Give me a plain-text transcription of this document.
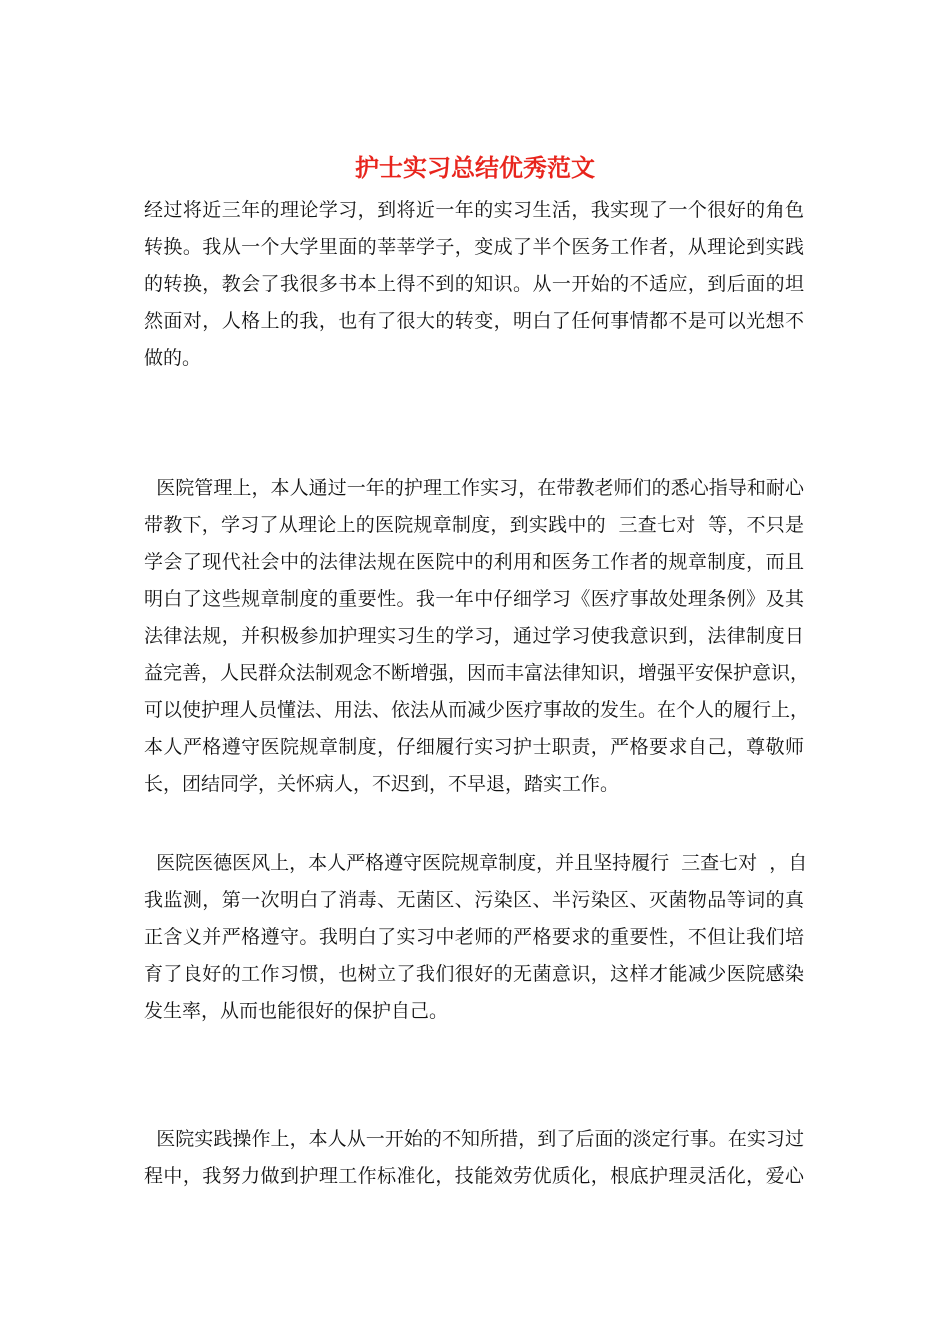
护士实习总结优秀范文
经过将近三年的理论学习，到将近一年的实习生活，我实现了一个很好的角色
转换。我从一个大学里面的莘莘学子，变成了半个医务工作者，从理论到实践
的转换，教会了我很多书本上得不到的知识。从一开始的不适应，到后面的坦
然面对，人格上的我，也有了很大的转变，明白了任何事情都不是可以光想不
做的。
医院管理上，本人通过一年的护理工作实习，在带教老师们的悉心指导和耐心
带教下，学习了从理论上的医院规章制度，到实践中的  三查七对  等，不只是
学会了现代社会中的法律法规在医院中的利用和医务工作者的规章制度，而且
明白了这些规章制度的重要性。我一年中仔细学习《医疗事故处理条例》及其
法律法规，并积极参加护理实习生的学习，通过学习使我意识到，法律制度日
益完善，人民群众法制观念不断增强，因而丰富法律知识，增强平安保护意识，
可以使护理人员懂法、用法、依法从而减少医疗事故的发生。在个人的履行上，
本人严格遵守医院规章制度，仔细履行实习护士职责，严格要求自己，尊敬师
长，团结同学，关怀病人，不迟到，不早退，踏实工作。
医院医德医风上，本人严格遵守医院规章制度，并且坚持履行  三查七对  ，自
我监测，第一次明白了消毒、无菌区、污染区、半污染区、灭菌物品等词的真
正含义并严格遵守。我明白了实习中老师的严格要求的重要性，不但让我们培
育了良好的工作习惯，也树立了我们很好的无菌意识，这样才能减少医院感染
发生率，从而也能很好的保护自己。
医院实践操作上，本人从一开始的不知所措，到了后面的淡定行事。在实习过
程中，我努力做到护理工作标准化，技能效劳优质化，根底护理灵活化，爱心
